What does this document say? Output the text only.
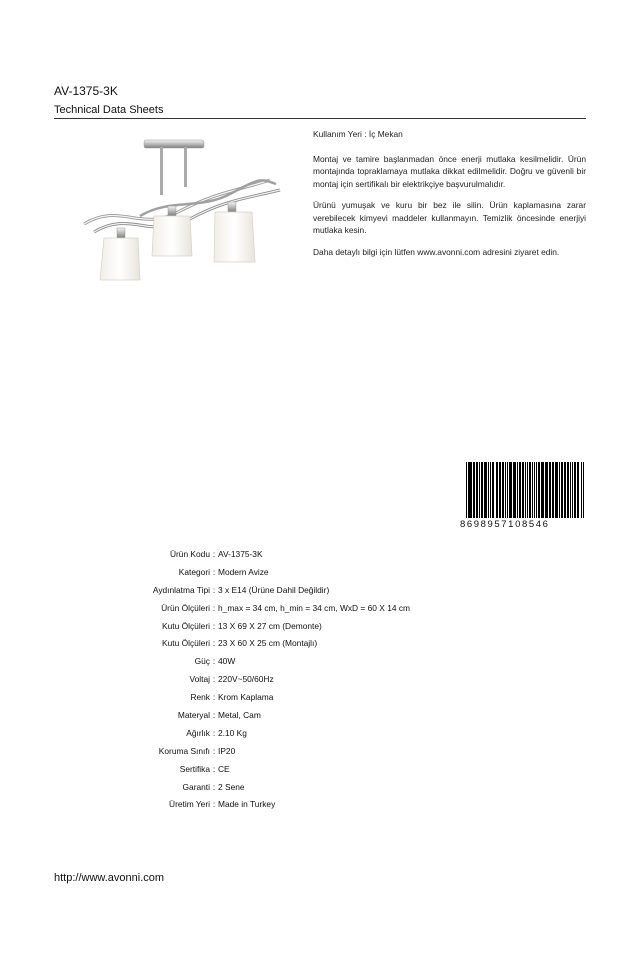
AV-1375-3K
Technical Data Sheets

Kullanım Yeri : İç Mekan

Montaj ve tamire başlanmadan önce enerji mutlaka kesilmelidir. Ürün montajında topraklamaya mutlaka dikkat edilmelidir. Doğru ve güvenli bir montaj için sertifikalı bir elektrikçiye başvurulmalıdır.

Ürünü yumuşak ve kuru bir bez ile silin. Ürün kaplamasına zarar verebilecek kimyevi maddeler kullanmayın. Temizlik öncesinde enerjiyi mutlaka kesin.

Daha detaylı bilgi için lütfen www.avonni.com adresini ziyaret edin.

8698957108546
Ürün Kodu : AV-1375-3K
Kategori : Modern Avize
Aydınlatma Tipi : 3 x E14 (Ürüne Dahil Değildir)
Ürün Ölçüleri : h_max = 34 cm, h_min = 34 cm, WxD = 60 X 14 cm
Kutu Ölçüleri : 13 X 69 X 27 cm (Demonte)
Kutu Ölçüleri : 23 X 60 X 25 cm (Montajlı)
Güç : 40W
Voltaj : 220V~50/60Hz
Renk : Krom Kaplama
Materyal : Metal, Cam
Ağırlık : 2.10 Kg
Koruma Sınıfı : IP20
Sertifika : CE
Garanti : 2 Sene
Üretim Yeri : Made in Turkey
http://www.avonni.com
